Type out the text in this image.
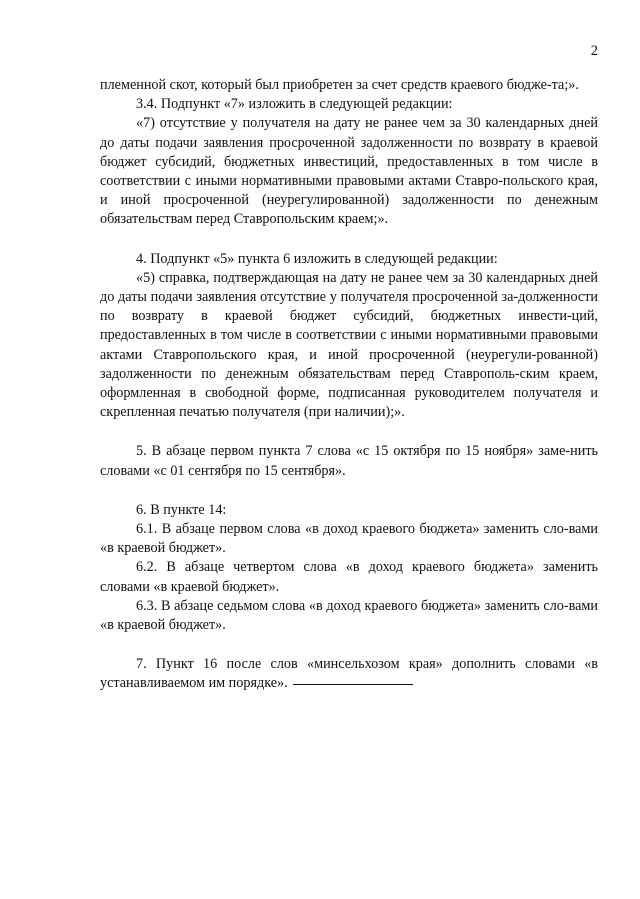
2

племенной скот, который был приобретен за счет средств краевого бюдже-та;».

3.4. Подпункт «7» изложить в следующей редакции:

«7) отсутствие у получателя на дату не ранее чем за 30 календарных дней до даты подачи заявления просроченной задолженности по возврату в краевой бюджет субсидий, бюджетных инвестиций, предоставленных в том числе в соответствии с иными нормативными правовыми актами Ставро-польского края, и иной просроченной (неурегулированной) задолженности по денежным обязательствам перед Ставропольским краем;».

4. Подпункт «5» пункта 6 изложить в следующей редакции:

«5) справка, подтверждающая на дату не ранее чем за 30 календарных дней до даты подачи заявления отсутствие у получателя просроченной за-долженности по возврату в краевой бюджет субсидий, бюджетных инвести-ций, предоставленных в том числе в соответствии с иными нормативными правовыми актами Ставропольского края, и иной просроченной (неурегули-рованной) задолженности по денежным обязательствам перед Ставрополь-ским краем, оформленная в свободной форме, подписанная руководителем получателя и скрепленная печатью получателя (при наличии);».

5. В абзаце первом пункта 7 слова «с 15 октября по 15 ноября» заме-нить словами «с 01 сентября по 15 сентября».

6. В пункте 14:

6.1. В абзаце первом слова «в доход краевого бюджета» заменить сло-вами «в краевой бюджет».

6.2. В абзаце четвертом слова «в доход краевого бюджета» заменить словами «в краевой бюджет».

6.3. В абзаце седьмом слова «в доход краевого бюджета» заменить сло-вами «в краевой бюджет».

7. Пункт 16 после слов «минсельхозом края» дополнить словами «в устанавливаемом им порядке».
